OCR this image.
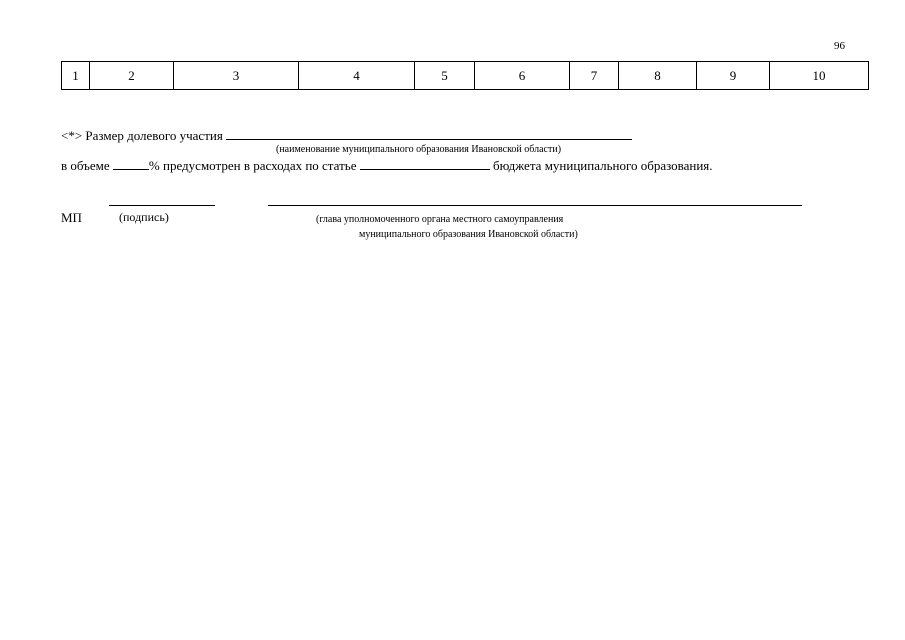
96
1	2	3	4	5	6	7	8	9	10
<*> Размер долевого участия
(наименование муниципального образования Ивановской области)
в объеме	% предусмотрен в расходах по статье	бюджета муниципального образования.
МП	(подпись)	(глава уполномоченного органа местного самоуправления
муниципального образования Ивановской области)
